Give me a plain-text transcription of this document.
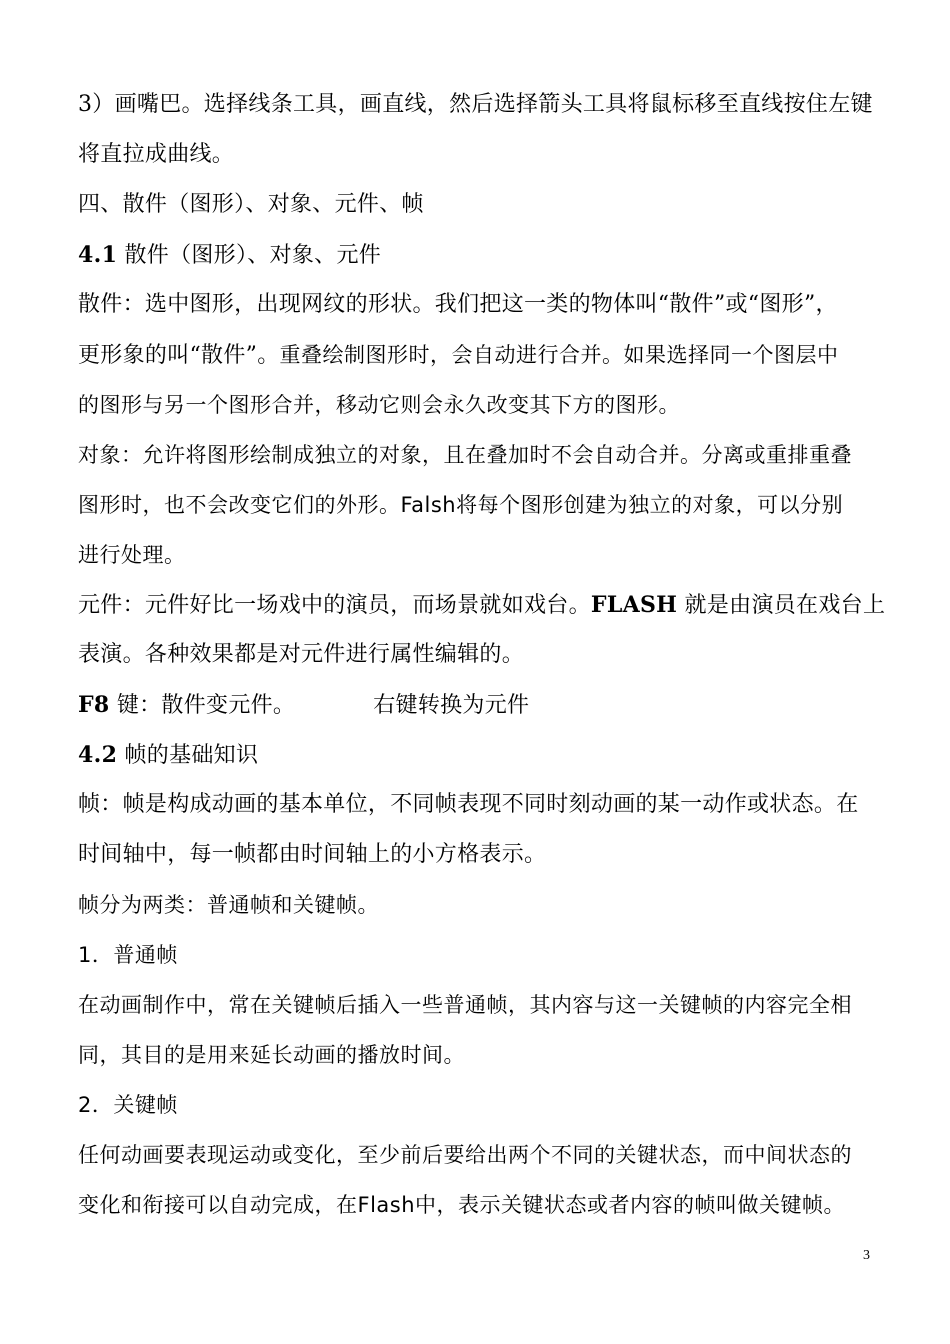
3）画嘴巴。选择线条工具，画直线，然后选择箭头工具将鼠标移至直线按住左键
将直拉成曲线。
四、散件（图形）、对象、元件、帧
4.1 散件（图形）、对象、元件
散件：选中图形，出现网纹的形状。我们把这一类的物体叫“散件”或“图形”，
更形象的叫“散件”。重叠绘制图形时，会自动进行合并。如果选择同一个图层中
的图形与另一个图形合并，移动它则会永久改变其下方的图形。
对象：允许将图形绘制成独立的对象，且在叠加时不会自动合并。分离或重排重叠
图形时，也不会改变它们的外形。Falsh将每个图形创建为独立的对象，可以分别
进行处理。
元件：元件好比一场戏中的演员，而场景就如戏台。FLASH 就是由演员在戏台上
表演。各种效果都是对元件进行属性编辑的。
F8 键：散件变元件。	右键转换为元件
4.2 帧的基础知识
帧：帧是构成动画的基本单位，不同帧表现不同时刻动画的某一动作或状态。在
时间轴中，每一帧都由时间轴上的小方格表示。
帧分为两类：普通帧和关键帧。
1．普通帧
在动画制作中，常在关键帧后插入一些普通帧，其内容与这一关键帧的内容完全相
同，其目的是用来延长动画的播放时间。
2．关键帧
任何动画要表现运动或变化，至少前后要给出两个不同的关键状态，而中间状态的
变化和衔接可以自动完成，在Flash中，表示关键状态或者内容的帧叫做关键帧。
3
